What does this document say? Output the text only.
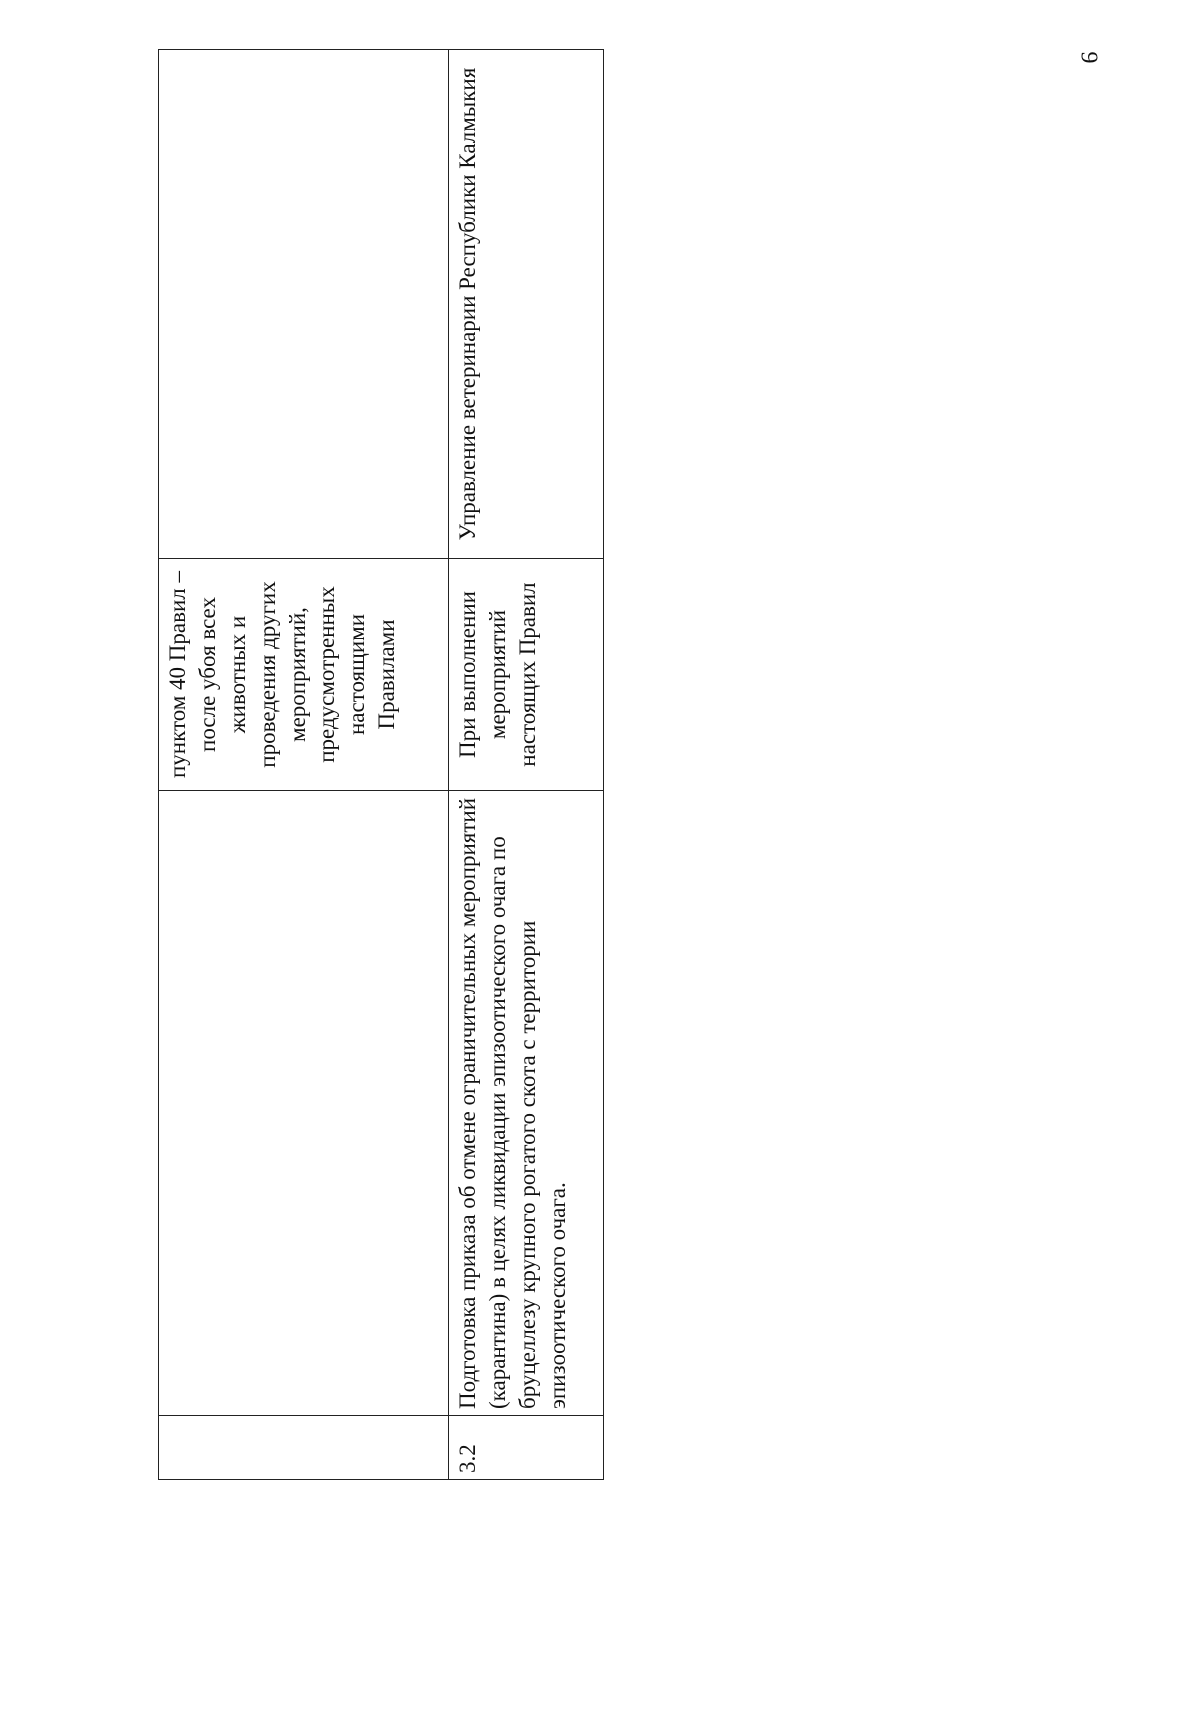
9
		пунктом 40 Правил – после убоя всех животных и проведения других мероприятий, предусмотренных настоящими Правилами	
3.2	Подготовка приказа об отмене ограничительных мероприятий (карантина) в целях ликвидации эпизоотического очага по бруцеллезу крупного рогатого скота с территории эпизоотического очага.	При выполнении мероприятий настоящих Правил	Управление ветеринарии Республики Калмыкия
